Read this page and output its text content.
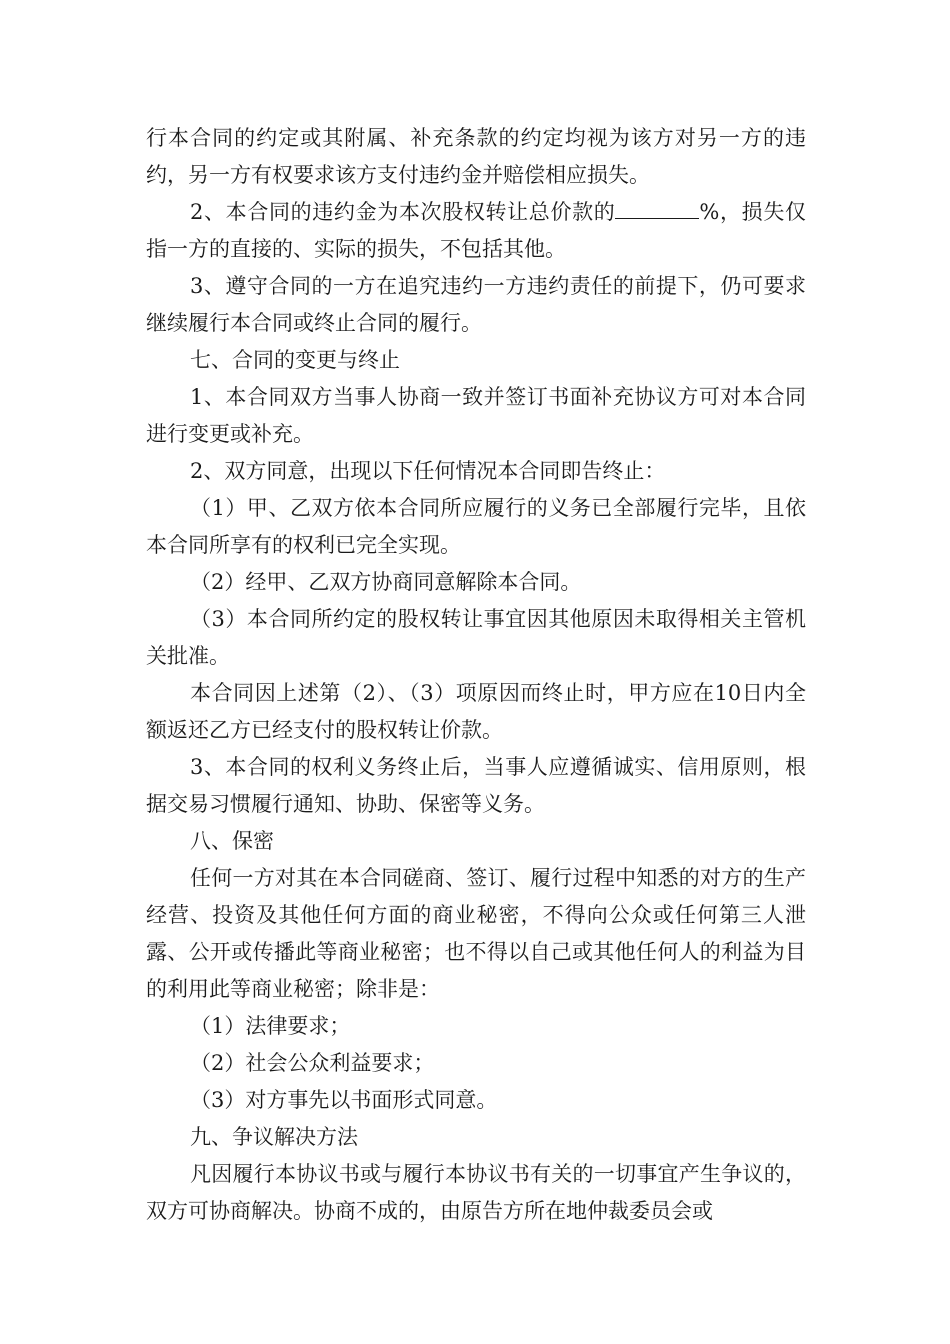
行本合同的约定或其附属、补充条款的约定均视为该方对另一方的违约，另一方有权要求该方支付违约金并赔偿相应损失。

2、本合同的违约金为本次股权转让总价款的	%，损失仅指一方的直接的、实际的损失，不包括其他。

3、遵守合同的一方在追究违约一方违约责任的前提下，仍可要求继续履行本合同或终止合同的履行。

七、合同的变更与终止

1、本合同双方当事人协商一致并签订书面补充协议方可对本合同进行变更或补充。

2、双方同意，出现以下任何情况本合同即告终止：

（1）甲、乙双方依本合同所应履行的义务已全部履行完毕，且依本合同所享有的权利已完全实现。

（2）经甲、乙双方协商同意解除本合同。

（3）本合同所约定的股权转让事宜因其他原因未取得相关主管机关批准。

本合同因上述第（2）、（3）项原因而终止时，甲方应在10日内全额返还乙方已经支付的股权转让价款。

3、本合同的权利义务终止后，当事人应遵循诚实、信用原则，根据交易习惯履行通知、协助、保密等义务。

八、保密

任何一方对其在本合同磋商、签订、履行过程中知悉的对方的生产经营、投资及其他任何方面的商业秘密，不得向公众或任何第三人泄露、公开或传播此等商业秘密；也不得以自己或其他任何人的利益为目的利用此等商业秘密；除非是：

（1）法律要求；

（2）社会公众利益要求；

（3）对方事先以书面形式同意。

九、争议解决方法

凡因履行本协议书或与履行本协议书有关的一切事宜产生争议的，双方可协商解决。协商不成的，由原告方所在地仲裁委员会或
